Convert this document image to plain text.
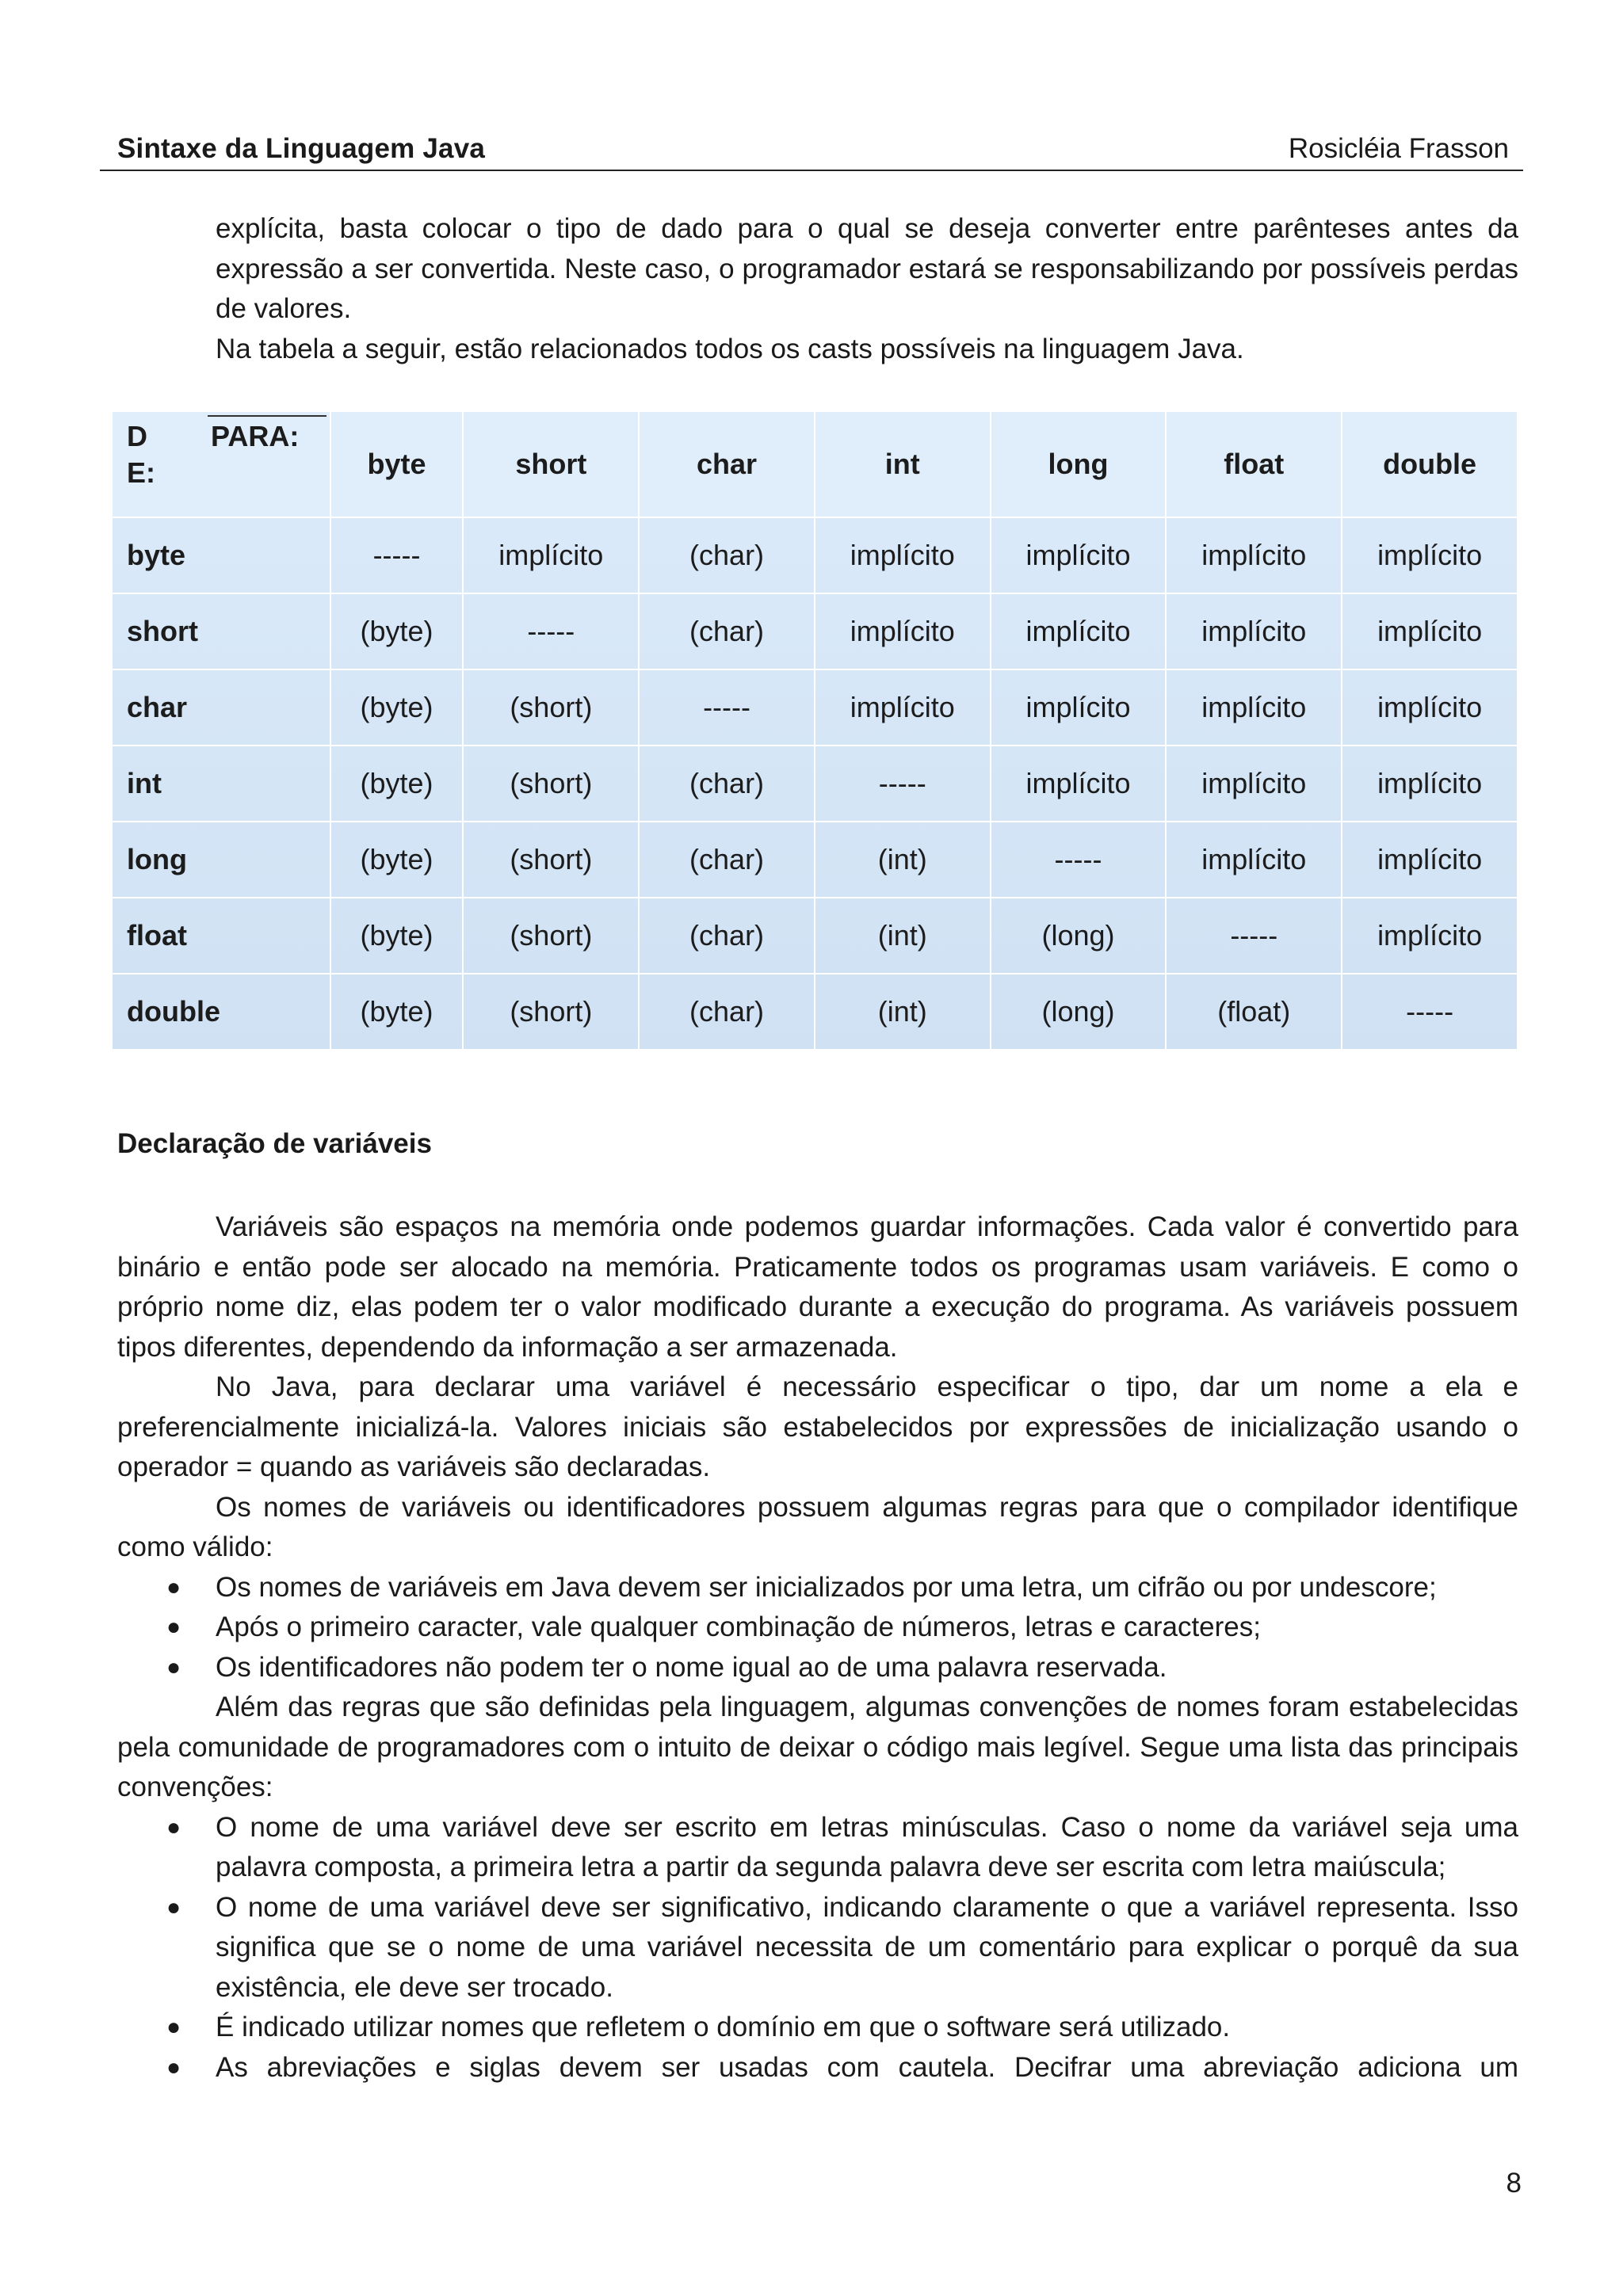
Sintaxe da Linguagem Java	Rosicléia Frasson

explícita, basta colocar o tipo de dado para o qual se deseja converter entre parênteses antes da expressão a ser convertida. Neste caso, o programador estará se responsabilizando por possíveis perdas de valores.

Na tabela a seguir, estão relacionados todos os casts possíveis na linguagem Java.

D
E:
PARA:	byte	short	char	int	long	float	double
byte	-----	implícito	(char)	implícito	implícito	implícito	implícito
short	(byte)	-----	(char)	implícito	implícito	implícito	implícito
char	(byte)	(short)	-----	implícito	implícito	implícito	implícito
int	(byte)	(short)	(char)	-----	implícito	implícito	implícito
long	(byte)	(short)	(char)	(int)	-----	implícito	implícito
float	(byte)	(short)	(char)	(int)	(long)	-----	implícito
double	(byte)	(short)	(char)	(int)	(long)	(float)	-----
Declaração de variáveis

Variáveis são espaços na memória onde podemos guardar informações. Cada valor é convertido para binário e então pode ser alocado na memória. Praticamente todos os programas usam variáveis. E como o próprio nome diz, elas podem ter o valor modificado durante a execução do programa. As variáveis possuem tipos diferentes, dependendo da informação a ser armazenada.

No Java, para declarar uma variável é necessário especificar o tipo, dar um nome a ela e preferencialmente inicializá-la. Valores iniciais são estabelecidos por expressões de inicialização usando o operador = quando as variáveis são declaradas.

Os nomes de variáveis ou identificadores possuem algumas regras para que o compilador identifique como válido:

● Os nomes de variáveis em Java devem ser inicializados por uma letra, um cifrão ou por undescore;
● Após o primeiro caracter, vale qualquer combinação de números, letras e caracteres;
● Os identificadores não podem ter o nome igual ao de uma palavra reservada.

Além das regras que são definidas pela linguagem, algumas convenções de nomes foram estabelecidas pela comunidade de programadores com o intuito de deixar o código mais legível. Segue uma lista das principais convenções:

● O nome de uma variável deve ser escrito em letras minúsculas. Caso o nome da variável seja uma palavra composta, a primeira letra a partir da segunda palavra deve ser escrita com letra maiúscula;
● O nome de uma variável deve ser significativo, indicando claramente o que a variável representa. Isso significa que se o nome de uma variável necessita de um comentário para explicar o porquê da sua existência, ele deve ser trocado.
● É indicado utilizar nomes que refletem o domínio em que o software será utilizado.
● As abreviações e siglas devem ser usadas com cautela. Decifrar uma abreviação adiciona um
8
